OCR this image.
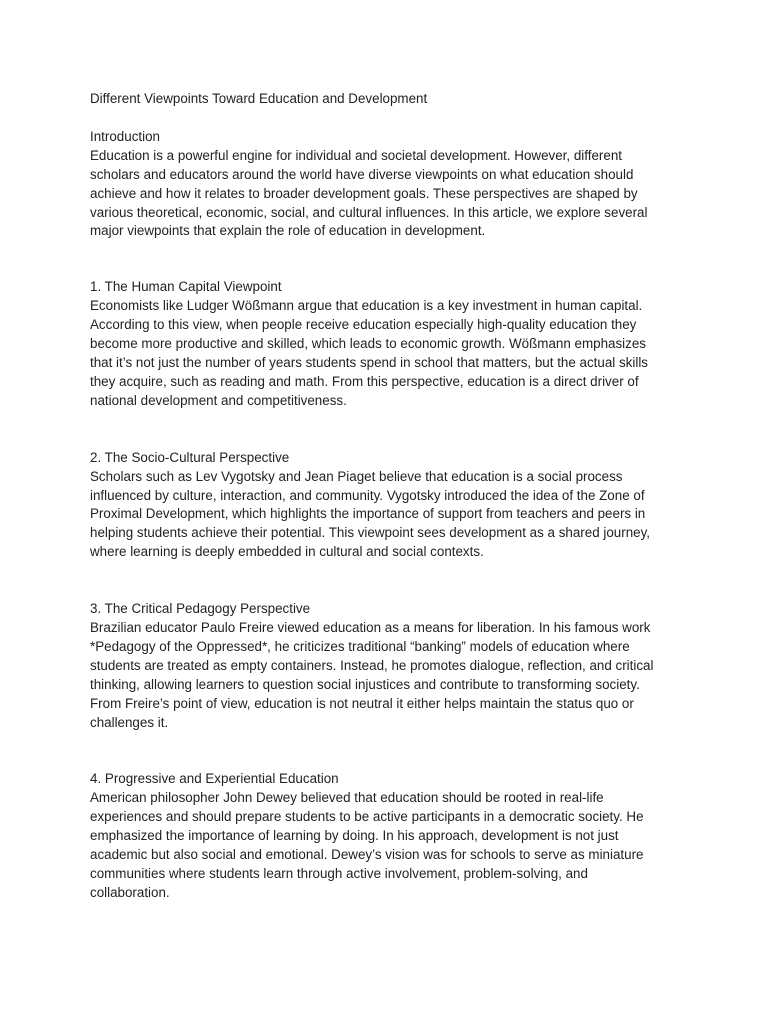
Different Viewpoints Toward Education and Development

Introduction

Education is a powerful engine for individual and societal development. However, different
scholars and educators around the world have diverse viewpoints on what education should
achieve and how it relates to broader development goals. These perspectives are shaped by
various theoretical, economic, social, and cultural influences. In this article, we explore several
major viewpoints that explain the role of education in development.

1. The Human Capital Viewpoint

Economists like Ludger Wößmann argue that education is a key investment in human capital.
According to this view, when people receive education especially high-quality education they
become more productive and skilled, which leads to economic growth. Wößmann emphasizes
that it’s not just the number of years students spend in school that matters, but the actual skills
they acquire, such as reading and math. From this perspective, education is a direct driver of
national development and competitiveness.

2. The Socio-Cultural Perspective

Scholars such as Lev Vygotsky and Jean Piaget believe that education is a social process
influenced by culture, interaction, and community. Vygotsky introduced the idea of the Zone of
Proximal Development, which highlights the importance of support from teachers and peers in
helping students achieve their potential. This viewpoint sees development as a shared journey,
where learning is deeply embedded in cultural and social contexts.

3. The Critical Pedagogy Perspective

Brazilian educator Paulo Freire viewed education as a means for liberation. In his famous work
*Pedagogy of the Oppressed*, he criticizes traditional “banking” models of education where
students are treated as empty containers. Instead, he promotes dialogue, reflection, and critical
thinking, allowing learners to question social injustices and contribute to transforming society.
From Freire’s point of view, education is not neutral it either helps maintain the status quo or
challenges it.

4. Progressive and Experiential Education

American philosopher John Dewey believed that education should be rooted in real-life
experiences and should prepare students to be active participants in a democratic society. He
emphasized the importance of learning by doing. In his approach, development is not just
academic but also social and emotional. Dewey’s vision was for schools to serve as miniature
communities where students learn through active involvement, problem-solving, and
collaboration.
